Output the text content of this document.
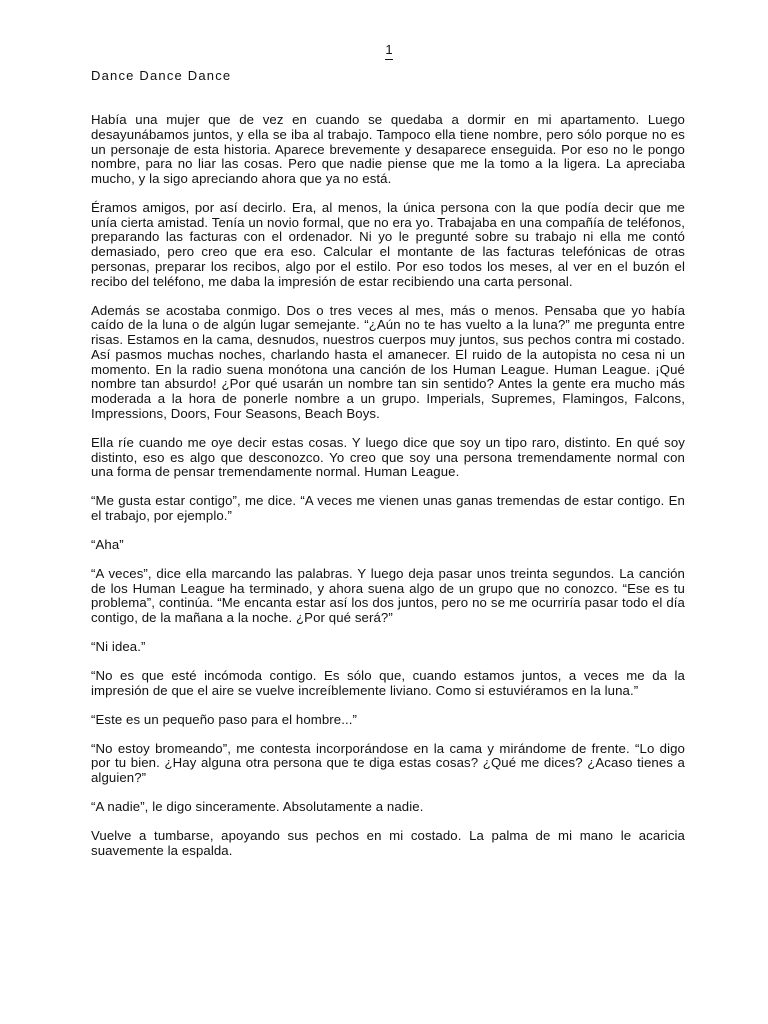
1
Dance Dance Dance

Había una mujer que de vez en cuando se quedaba a dormir en mi apartamento. Luego desayunábamos juntos, y ella se iba al trabajo. Tampoco ella tiene nombre, pero sólo porque no es un personaje de esta historia. Aparece brevemente y desaparece enseguida. Por eso no le pongo nombre, para no liar las cosas. Pero que nadie piense que me la tomo a la ligera. La apreciaba mucho, y la sigo apreciando ahora que ya no está.

Éramos amigos, por así decirlo. Era, al menos, la única persona con la que podía decir que me unía cierta amistad. Tenía un novio formal, que no era yo. Trabajaba en una compañía de teléfonos, preparando las facturas con el ordenador. Ni yo le pregunté sobre su trabajo ni ella me contó demasiado, pero creo que era eso. Calcular el montante de las facturas telefónicas de otras personas, preparar los recibos, algo por el estilo. Por eso todos los meses, al ver en el buzón el recibo del teléfono, me daba la impresión de estar recibiendo una carta personal.

Además se acostaba conmigo. Dos o tres veces al mes, más o menos. Pensaba que yo había caído de la luna o de algún lugar semejante. “¿Aún no te has vuelto a la luna?” me pregunta entre risas. Estamos en la cama, desnudos, nuestros cuerpos muy juntos, sus pechos contra mi costado. Así pasmos muchas noches, charlando hasta el amanecer. El ruido de la autopista no cesa ni un momento. En la radio suena monótona una canción de los Human League. Human League. ¡Qué nombre tan absurdo! ¿Por qué usarán un nombre tan sin sentido? Antes la gente era mucho más moderada a la hora de ponerle nombre a un grupo. Imperials, Supremes, Flamingos, Falcons, Impressions, Doors, Four Seasons, Beach Boys.

Ella ríe cuando me oye decir estas cosas. Y luego dice que soy un tipo raro, distinto. En qué soy distinto, eso es algo que desconozco. Yo creo que soy una persona tremendamente normal con una forma de pensar tremendamente normal. Human League.

“Me gusta estar contigo”, me dice. “A veces me vienen unas ganas tremendas de estar contigo. En el trabajo, por ejemplo.”

“Aha”

“A veces”, dice ella marcando las palabras. Y luego deja pasar unos treinta segundos. La canción de los Human League ha terminado, y ahora suena algo de un grupo que no conozco. “Ese es tu problema”, continúa. “Me encanta estar así los dos juntos, pero no se me ocurriría pasar todo el día contigo, de la mañana a la noche. ¿Por qué será?”

“Ni idea.”

“No es que esté incómoda contigo. Es sólo que, cuando estamos juntos, a veces me da la impresión de que el aire se vuelve increíblemente liviano. Como si estuviéramos en la luna.”

“Este es un pequeño paso para el hombre...”

“No estoy bromeando”, me contesta incorporándose en la cama y mirándome de frente. “Lo digo por tu bien. ¿Hay alguna otra persona que te diga estas cosas? ¿Qué me dices? ¿Acaso tienes a alguien?”

“A nadie”, le digo sinceramente. Absolutamente a nadie.

Vuelve a tumbarse, apoyando sus pechos en mi costado. La palma de mi mano le acaricia suavemente la espalda.
